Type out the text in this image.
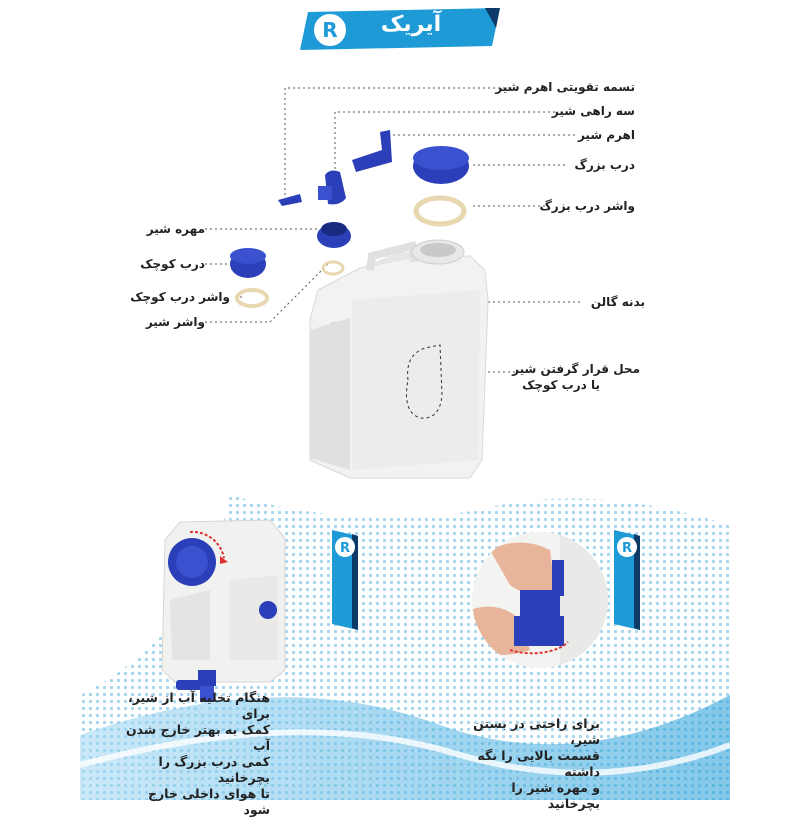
R	آیریک
تسمه تقویتی اهرم شیر
سه راهی شیر
اهرم شیر
درب بزرگ
واشر درب بزرگ
مهره شیر
درب کوچک
واشر درب کوچک
واشر شیر
بدنه گالن
محل قرار گرفتن شیر
یا درب کوچک
R	R
هنگام تخلیه آب از شیر، برای
کمک به بهتر خارج شدن آب
کمی درب بزرگ را بچرخانید
تا هوای داخلی خارج شود
برای راحتی در بستن شیر،
قسمت بالایی را نگه داشته
و مهره شیر را بچرخانید
